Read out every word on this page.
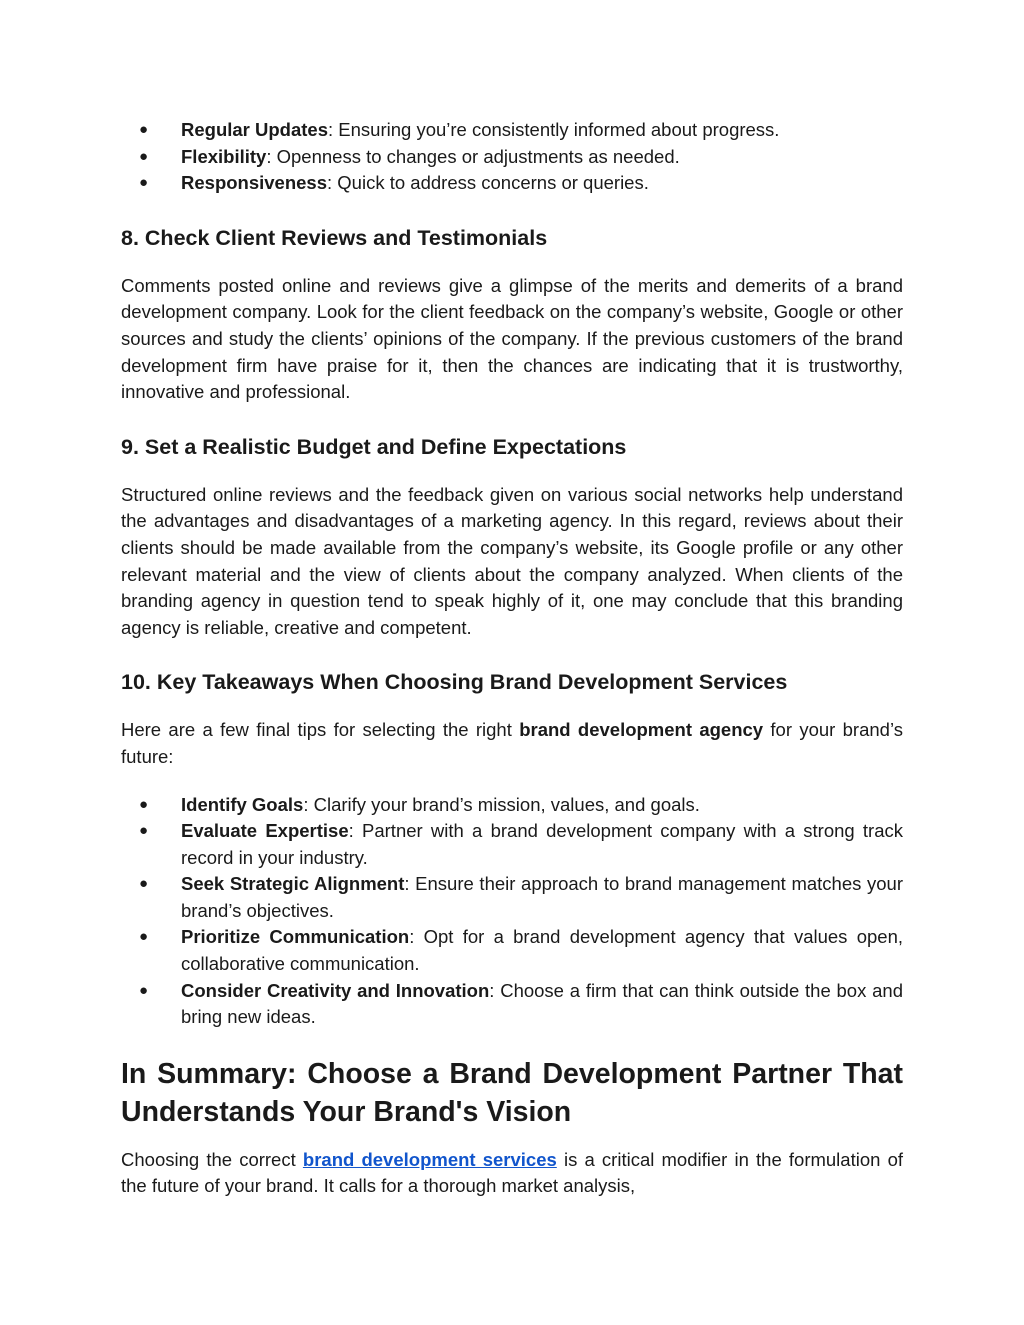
● Regular Updates: Ensuring you’re consistently informed about progress.
● Flexibility: Openness to changes or adjustments as needed.
● Responsiveness: Quick to address concerns or queries.
8. Check Client Reviews and Testimonials

Comments posted online and reviews give a glimpse of the merits and demerits of a brand development company. Look for the client feedback on the company’s website, Google or other sources and study the clients’ opinions of the company. If the previous customers of the brand development firm have praise for it, then the chances are indicating that it is trustworthy, innovative and professional.

9. Set a Realistic Budget and Define Expectations

Structured online reviews and the feedback given on various social networks help understand the advantages and disadvantages of a marketing agency. In this regard, reviews about their clients should be made available from the company’s website, its Google profile or any other relevant material and the view of clients about the company analyzed. When clients of the branding agency in question tend to speak highly of it, one may conclude that this branding agency is reliable, creative and competent.

10. Key Takeaways When Choosing Brand Development Services

Here are a few final tips for selecting the right brand development agency for your brand’s future:

● Identify Goals: Clarify your brand’s mission, values, and goals.
● Evaluate Expertise: Partner with a brand development company with a strong track record in your industry.
● Seek Strategic Alignment: Ensure their approach to brand management matches your brand’s objectives.
● Prioritize Communication: Opt for a brand development agency that values open, collaborative communication.
● Consider Creativity and Innovation: Choose a firm that can think outside the box and bring new ideas.
In Summary: Choose a Brand Development Partner That Understands Your Brand's Vision

Choosing the correct brand development services is a critical modifier in the formulation of the future of your brand. It calls for a thorough market analysis,
